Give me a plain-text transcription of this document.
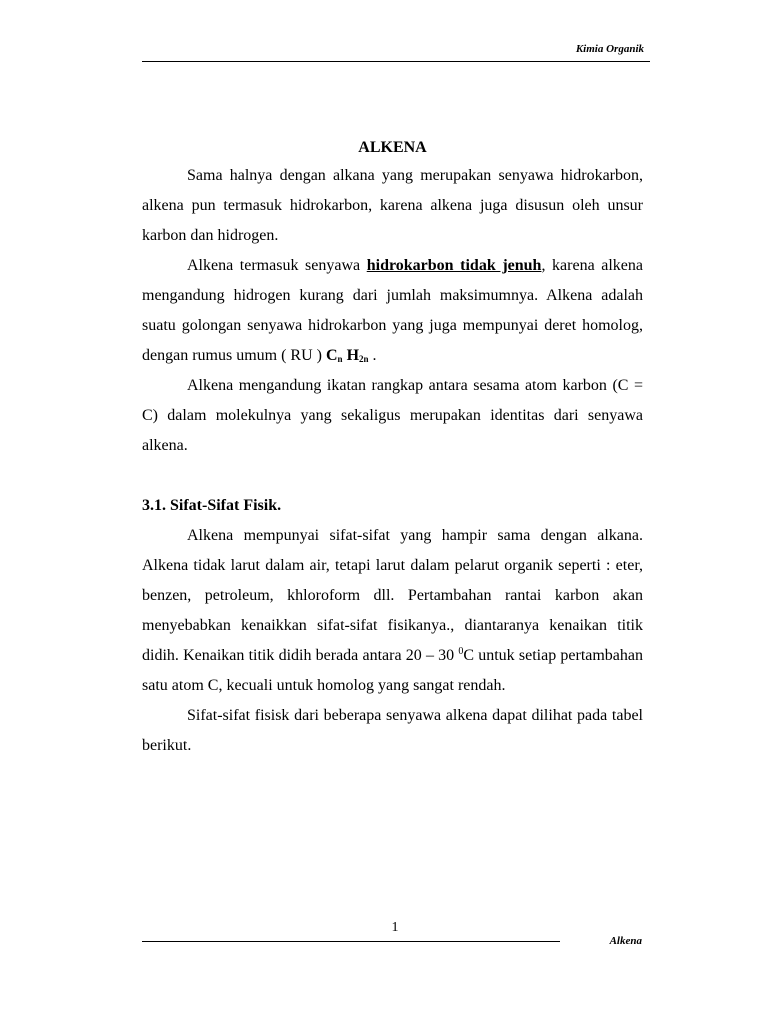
Kimia Organik
ALKENA

Sama halnya dengan alkana yang merupakan senyawa hidrokarbon, alkena pun termasuk hidrokarbon, karena alkena juga disusun oleh unsur karbon dan hidrogen.

Alkena termasuk senyawa hidrokarbon tidak jenuh, karena alkena mengandung hidrogen kurang dari jumlah maksimumnya. Alkena adalah suatu golongan senyawa hidrokarbon yang juga mempunyai deret homolog, dengan rumus umum ( RU ) $C_n$ $H_{2n}$ .

Alkena mengandung ikatan rangkap antara sesama atom karbon (C = C) dalam molekulnya yang sekaligus merupakan identitas dari senyawa alkena.

3.1. Sifat-Sifat Fisik.

Alkena mempunyai sifat-sifat yang hampir sama dengan alkana. Alkena tidak larut dalam air, tetapi larut dalam pelarut organik seperti : eter, benzen, petroleum, khloroform dll. Pertambahan rantai karbon akan menyebabkan kenaikkan sifat-sifat fisikanya., diantaranya kenaikan titik didih. Kenaikan titik didih berada antara 20 – 30 $^0$C untuk setiap pertambahan satu atom C, kecuali untuk homolog yang sangat rendah.

Sifat-sifat fisisk dari beberapa senyawa alkena dapat dilihat pada tabel berikut.

1
Alkena
